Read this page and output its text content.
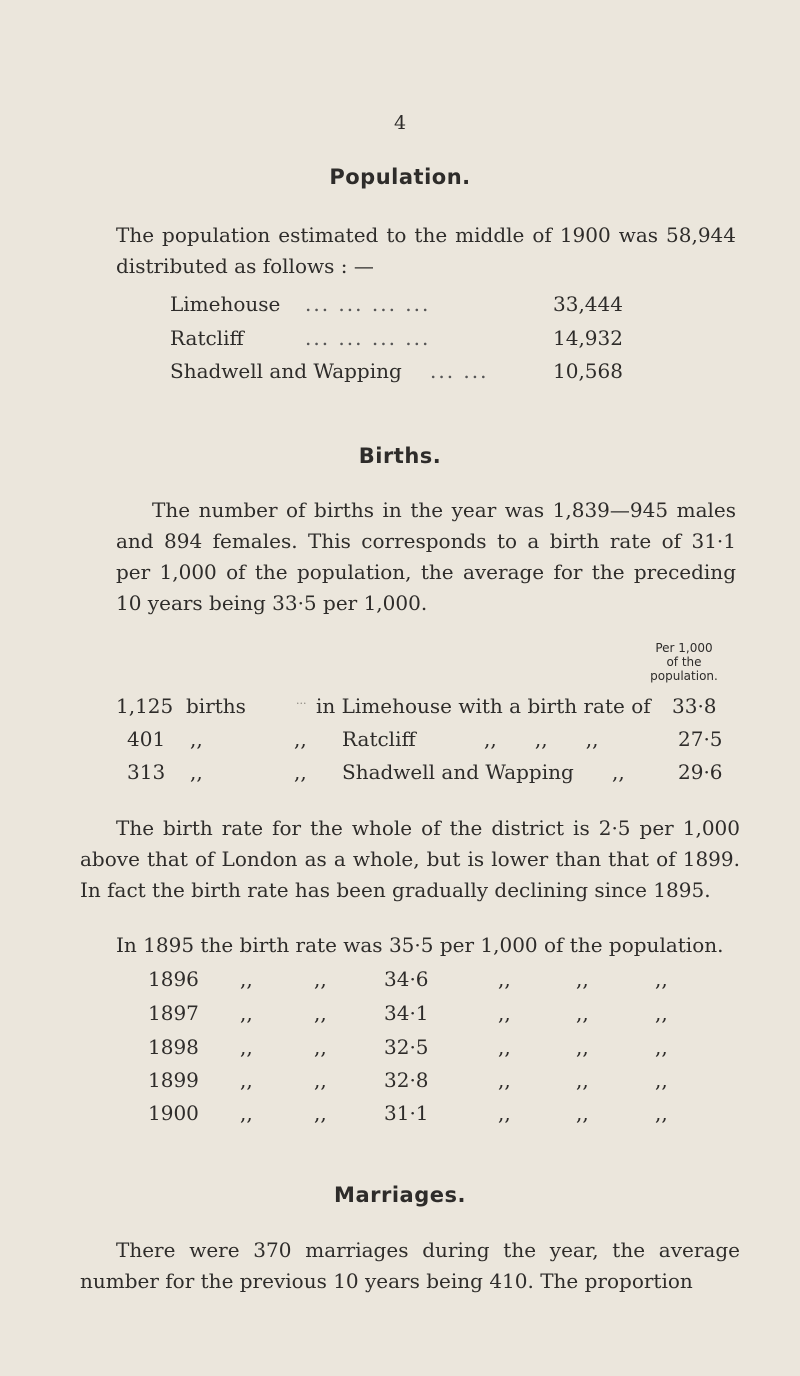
4
Population.
The population estimated to the middle of 1900 was 58,944 distributed as follows : —
Limehouse ... ... ... ...	33,444
Ratcliff	... ... ... ...	14,932
Shadwell and Wapping ... ...	10,568
Births.
The number of births in the year was 1,839—945 males and 894 females. This corresponds to a birth rate of 31·1 per 1,000 of the population, the average for the preceding 10 years being 33·5 per 1,000.
Per 1,000
of the
population.
1,125 births	... in Limehouse with a birth rate of 33·8
401 ,,	,, Ratcliff	,,      ,,      ,,	27·5
313 ,,	,, Shadwell and Wapping ,,	29·6
The birth rate for the whole of the district is 2·5 per 1,000 above that of London as a whole, but is lower than that of 1899. In fact the birth rate has been gradually declining since 1895.
In 1895 the birth rate was 35·5 per 1,000 of the population.
1896 ,,	,,	34·6	,,	,,	,,
1897 ,,	,,	34·1	,,	,,	,,
1898 ,,	,,	32·5	,,	,,	,,
1899 ,,	,,	32·8	,,	,,	,,
1900 ,,	,,	31·1	,,	,,	,,
Marriages.
There were 370 marriages during the year, the average number for the previous 10 years being 410. The proportion
